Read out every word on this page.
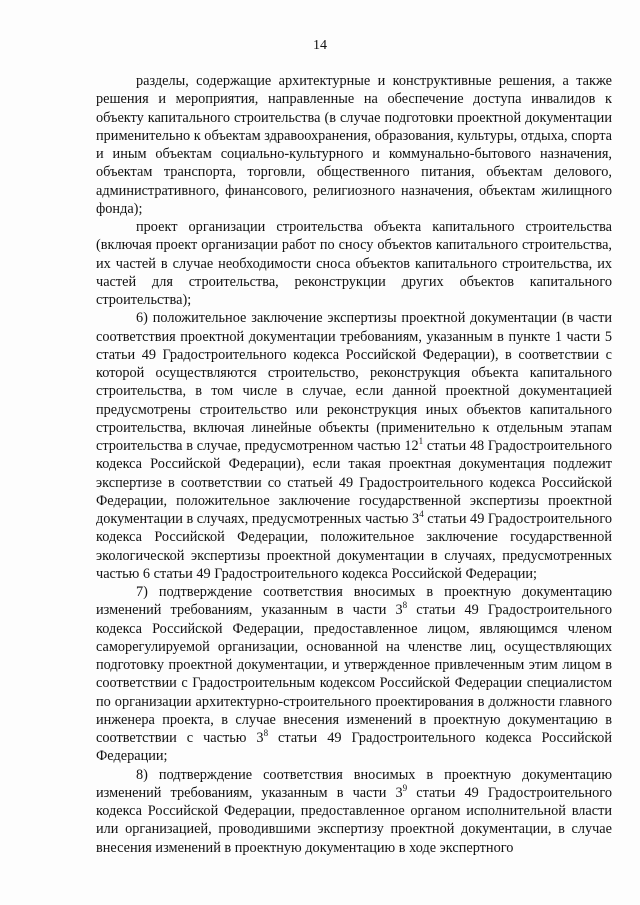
14

разделы, содержащие архитектурные и конструктивные решения, а также решения и мероприятия, направленные на обеспечение доступа инвалидов к объекту капитального строительства (в случае подготовки проектной документации применительно к объектам здравоохранения, образования, культуры, отдыха, спорта и иным объектам социально-культурного и коммунально-бытового назначения, объектам транспорта, торговли, общественного питания, объектам делового, административного, финансового, религиозного назначения, объектам жилищного фонда);

проект организации строительства объекта капитального строительства (включая проект организации работ по сносу объектов капитального строительства, их частей в случае необходимости сноса объектов капитального строительства, их частей для строительства, реконструкции других объектов капитального строительства);

6) положительное заключение экспертизы проектной документации (в части соответствия проектной документации требованиям, указанным в пункте 1 части 5 статьи 49 Градостроительного кодекса Российской Федерации), в соответствии с которой осуществляются строительство, реконструкция объекта капитального строительства, в том числе в случае, если данной проектной документацией предусмотрены строительство или реконструкция иных объектов капитального строительства, включая линейные объекты (применительно к отдельным этапам строительства в случае, предусмотренном частью $12^1$ статьи 48 Градостроительного кодекса Российской Федерации), если такая проектная документация подлежит экспертизе в соответствии со статьей 49 Градостроительного кодекса Российской Федерации, положительное заключение государственной экспертизы проектной документации в случаях, предусмотренных частью $3^4$ статьи 49 Градостроительного кодекса Российской Федерации, положительное заключение государственной экологической экспертизы проектной документации в случаях, предусмотренных частью 6 статьи 49 Градостроительного кодекса Российской Федерации;

7) подтверждение соответствия вносимых в проектную документацию изменений требованиям, указанным в части $3^8$ статьи 49 Градостроительного кодекса Российской Федерации, предоставленное лицом, являющимся членом саморегулируемой организации, основанной на членстве лиц, осуществляющих подготовку проектной документации, и утвержденное привлеченным этим лицом в соответствии с Градостроительным кодексом Российской Федерации специалистом по организации архитектурно-строительного проектирования в должности главного инженера проекта, в случае внесения изменений в проектную документацию в соответствии с частью $3^8$ статьи 49 Градостроительного кодекса Российской Федерации;

8) подтверждение соответствия вносимых в проектную документацию изменений требованиям, указанным в части $3^9$ статьи 49 Градостроительного кодекса Российской Федерации, предоставленное органом исполнительной власти или организацией, проводившими экспертизу проектной документации, в случае внесения изменений в проектную документацию в ходе экспертного
